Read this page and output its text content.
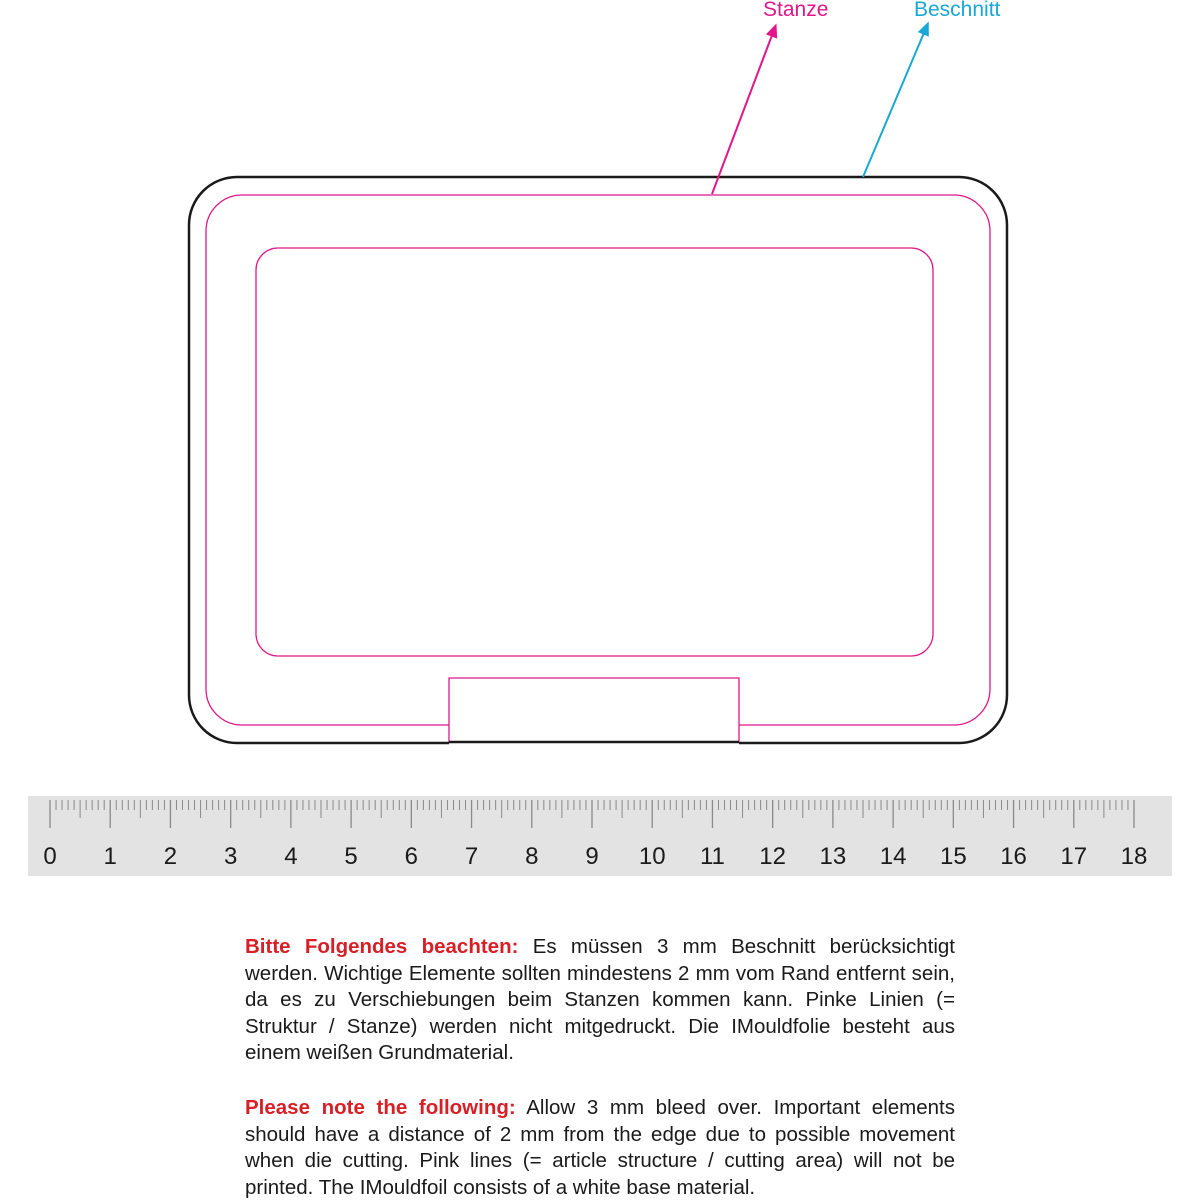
Stanze	Beschnitt
0 1 2 3 4 5 6 7 8 9 10 11 12 13 14 15 16 17 18
Bitte Folgendes beachten: Es müssen 3 mm Beschnitt berücksichtigt werden. Wichtige Elemente sollten mindestens 2 mm vom Rand entfernt sein, da es zu Verschiebungen beim Stanzen kommen kann. Pinke Linien (= Struktur / Stanze) werden nicht mitgedruckt. Die IMouldfolie besteht aus einem weißen Grundmaterial.
Please note the following: Allow 3 mm bleed over. Important elements should have a distance of 2 mm from the edge due to possible movement when die cutting. Pink lines (= article structure / cutting area) will not be printed. The IMouldfoil consists of a white base material.
